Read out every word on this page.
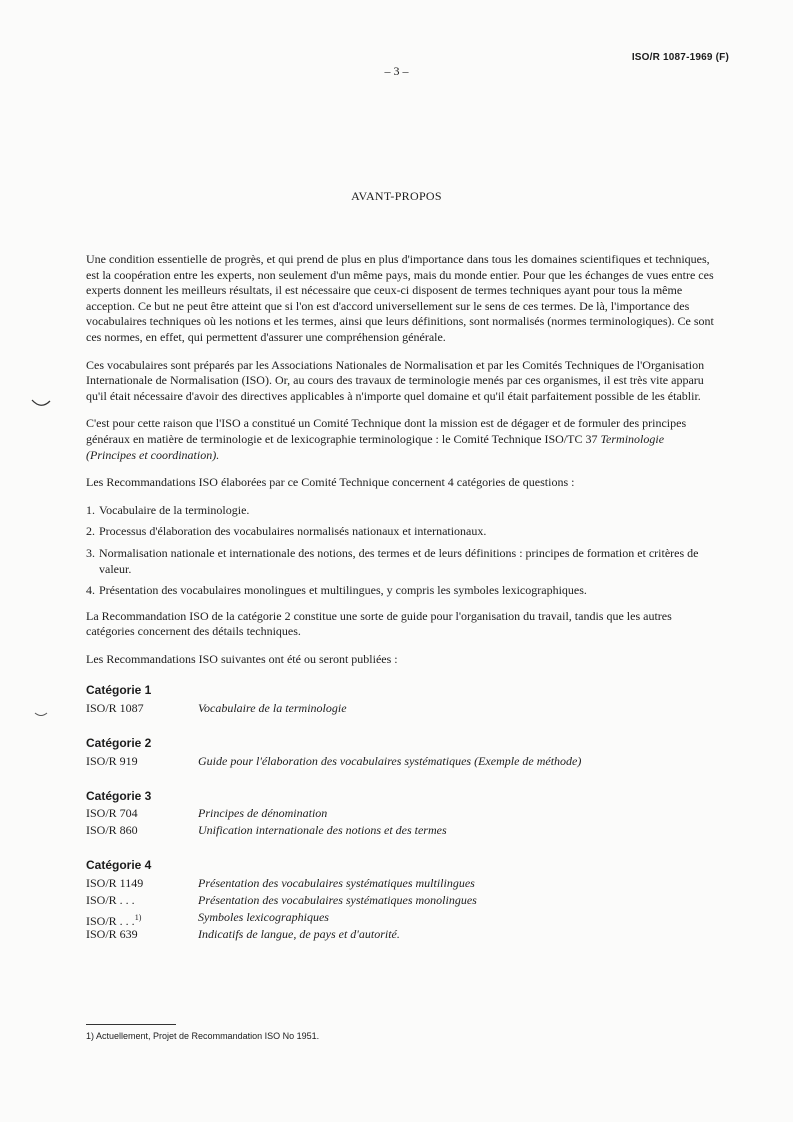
ISO/R 1087-1969 (F)
– 3 –
AVANT-PROPOS

Une condition essentielle de progrès, et qui prend de plus en plus d'importance dans tous les domaines scientifiques et techniques, est la coopération entre les experts, non seulement d'un même pays, mais du monde entier. Pour que les échanges de vues entre ces experts donnent les meilleurs résultats, il est nécessaire que ceux-ci disposent de termes techniques ayant pour tous la même acception. Ce but ne peut être atteint que si l'on est d'accord universellement sur le sens de ces termes. De là, l'importance des vocabulaires techniques où les notions et les termes, ainsi que leurs définitions, sont normalisés (normes terminologiques). Ce sont ces normes, en effet, qui permettent d'assurer une compréhension générale.

Ces vocabulaires sont préparés par les Associations Nationales de Normalisation et par les Comités Techniques de l'Organisation Internationale de Normalisation (ISO). Or, au cours des travaux de terminologie menés par ces organismes, il est très vite apparu qu'il était nécessaire d'avoir des directives applicables à n'importe quel domaine et qu'il était parfaitement possible de les établir.

C'est pour cette raison que l'ISO a constitué un Comité Technique dont la mission est de dégager et de formuler des principes généraux en matière de terminologie et de lexicographie terminologique : le Comité Technique ISO/TC 37 Terminologie (Principes et coordination).

Les Recommandations ISO élaborées par ce Comité Technique concernent 4 catégories de questions :

1. Vocabulaire de la terminologie.
2. Processus d'élaboration des vocabulaires normalisés nationaux et internationaux.
3. Normalisation nationale et internationale des notions, des termes et de leurs définitions : principes de formation et critères de valeur.
4. Présentation des vocabulaires monolingues et multilingues, y compris les symboles lexicographiques.

La Recommandation ISO de la catégorie 2 constitue une sorte de guide pour l'organisation du travail, tandis que les autres catégories concernent des détails techniques.

Les Recommandations ISO suivantes ont été ou seront publiées :

Catégorie 1
ISO/R 1087	Vocabulaire de la terminologie
Catégorie 2
ISO/R 919	Guide pour l'élaboration des vocabulaires systématiques (Exemple de méthode)
Catégorie 3
ISO/R 704	Principes de dénomination
ISO/R 860	Unification internationale des notions et des termes
Catégorie 4
ISO/R 1149	Présentation des vocabulaires systématiques multilingues
ISO/R . . .	Présentation des vocabulaires systématiques monolingues
ISO/R . . .$^{1)}$	Symboles lexicographiques
ISO/R 639	Indicatifs de langue, de pays et d'autorité.
1) Actuellement, Projet de Recommandation ISO No 1951.
